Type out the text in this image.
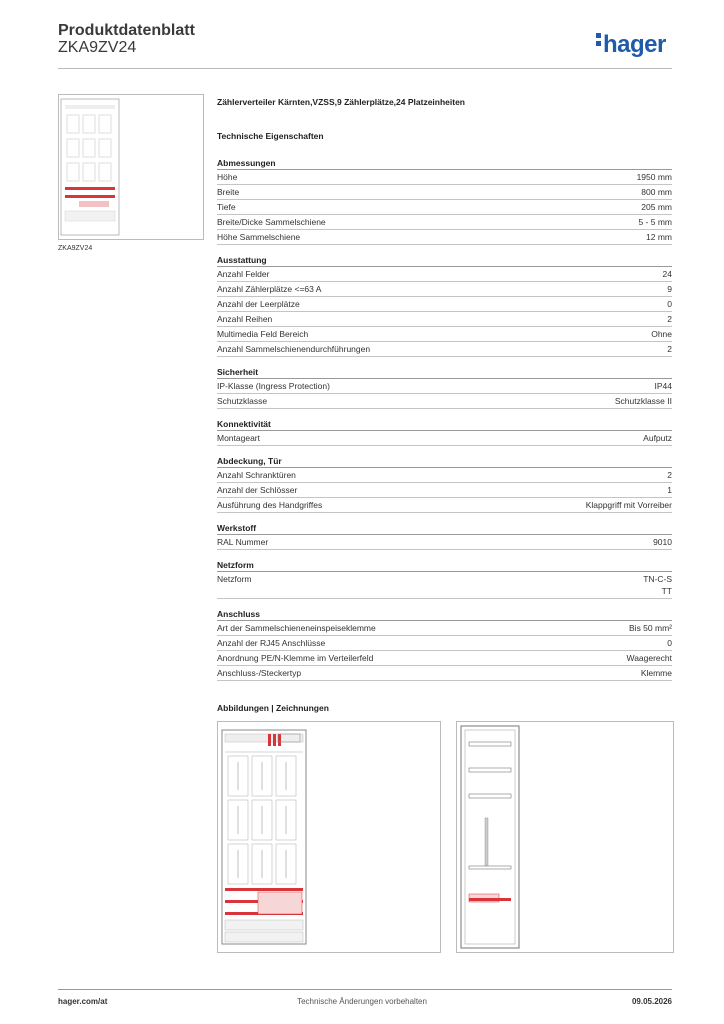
Produktdatenblatt
ZKA9ZV24	hager
ZKA9ZV24
Zählerverteiler Kärnten,VZSS,9 Zählerplätze,24 Platzeinheiten
Technische Eigenschaften
Abmessungen
Höhe	1950 mm
Breite	800 mm
Tiefe	205 mm
Breite/Dicke Sammelschiene	5 - 5 mm
Höhe Sammelschiene	12 mm
Ausstattung
Anzahl Felder	24
Anzahl Zählerplätze <=63 A	9
Anzahl der Leerplätze	0
Anzahl Reihen	2
Multimedia Feld Bereich	Ohne
Anzahl Sammelschienendurchführungen	2
Sicherheit
IP-Klasse (Ingress Protection)	IP44
Schutzklasse	Schutzklasse II
Konnektivität
Montageart	Aufputz
Abdeckung, Tür
Anzahl Schranktüren	2
Anzahl der Schlösser	1
Ausführung des Handgriffes	Klappgriff mit Vorreiber
Werkstoff
RAL Nummer	9010
Netzform
Netzform	TN-C-S
TT
Anschluss
Art der Sammelschieneneinspeiseklemme	Bis 50 mm²
Anzahl der RJ45 Anschlüsse	0
Anordnung PE/N-Klemme im Verteilerfeld	Waagerecht
Anschluss-/Steckertyp	Klemme
Abbildungen | Zeichnungen
hager.com/at	Technische Änderungen vorbehalten	09.05.2026
